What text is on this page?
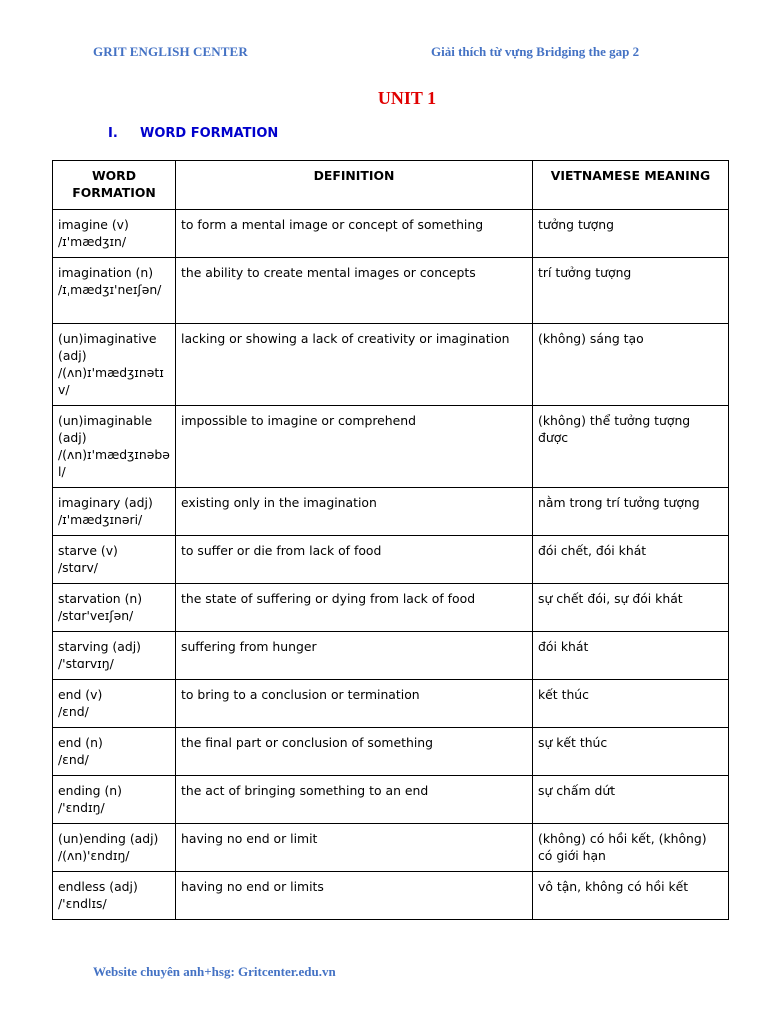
GRIT ENGLISH CENTER	Giải thích từ vựng Bridging the gap 2
UNIT 1
I. WORD FORMATION
WORD FORMATION	DEFINITION	VIETNAMESE MEANING
imagine (v)
/ɪ'mædʒɪn/	to form a mental image or concept of something	tưởng tượng
imagination (n)
/ɪˌmædʒɪ'neɪʃən/	the ability to create mental images or concepts	trí tưởng tượng
(un)imaginative (adj)
/(ʌn)ɪ'mædʒɪnətɪv/	lacking or showing a lack of creativity or imagination	(không) sáng tạo
(un)imaginable (adj)
/(ʌn)ɪ'mædʒɪnəbəl/	impossible to imagine or comprehend	(không) thể tưởng tượng được
imaginary (adj)
/ɪ'mædʒɪnəri/	existing only in the imagination	nằm trong trí tưởng tượng
starve (v)
/stɑrv/	to suffer or die from lack of food	đói chết, đói khát
starvation (n)
/stɑr'veɪʃən/	the state of suffering or dying from lack of food	sự chết đói, sự đói khát
starving (adj)
/'stɑrvɪŋ/	suffering from hunger	đói khát
end (v)
/ɛnd/	to bring to a conclusion or termination	kết thúc
end (n)
/ɛnd/	the final part or conclusion of something	sự kết thúc
ending (n)
/'ɛndɪŋ/	the act of bringing something to an end	sự chấm dứt
(un)ending (adj)
/(ʌn)'ɛndɪŋ/	having no end or limit	(không) có hồi kết, (không) có giới hạn
endless (adj)
/'ɛndlɪs/	having no end or limits	vô tận, không có hồi kết
Website chuyên anh+hsg: Gritcenter.edu.vn
